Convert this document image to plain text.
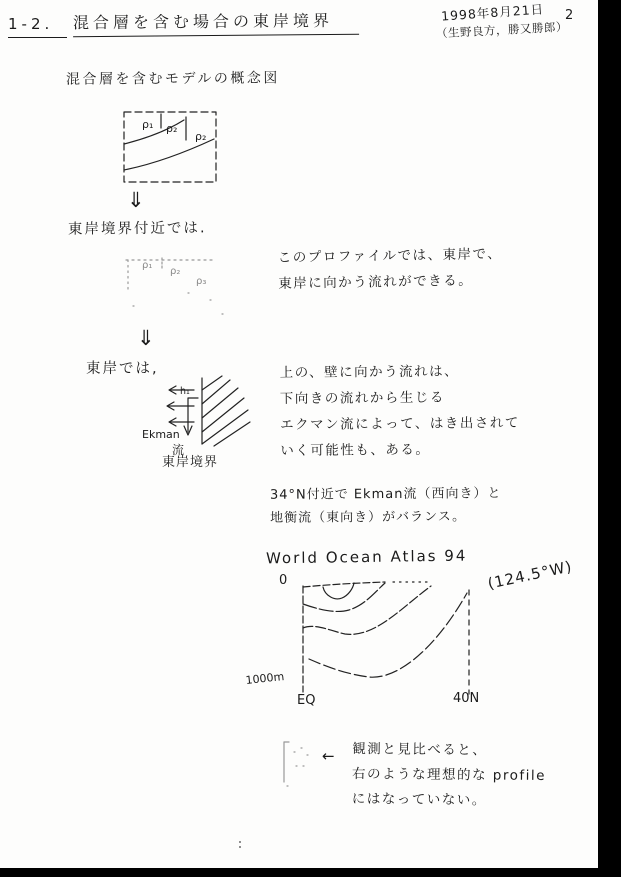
1-2.	混合層を含む場合の東岸境界	1998年8月21日
（生野良方，勝又勝郎）
2
混合層を含むモデルの概念図
ρ₁ ρ₂
ρ₂
⇓
東岸境界付近では.
ρ₁
ρ₂
ρ₃
⇓
このプロファイルでは、東岸で、
東岸に向かう流れができる。
東岸では,
h₁
Ekman
流
東岸境界
上の、壁に向かう流れは、
下向きの流れから生じる
エクマン流によって、はき出されて
いく可能性も、ある。
34°N付近で Ekman流（西向き）と
地衡流（東向き）がバランス。
World Ocean Atlas 94
0
1000m
EQ	40N
(124.5°W)
← 観測と見比べると、
右のような理想的な profile
にはなっていない。
